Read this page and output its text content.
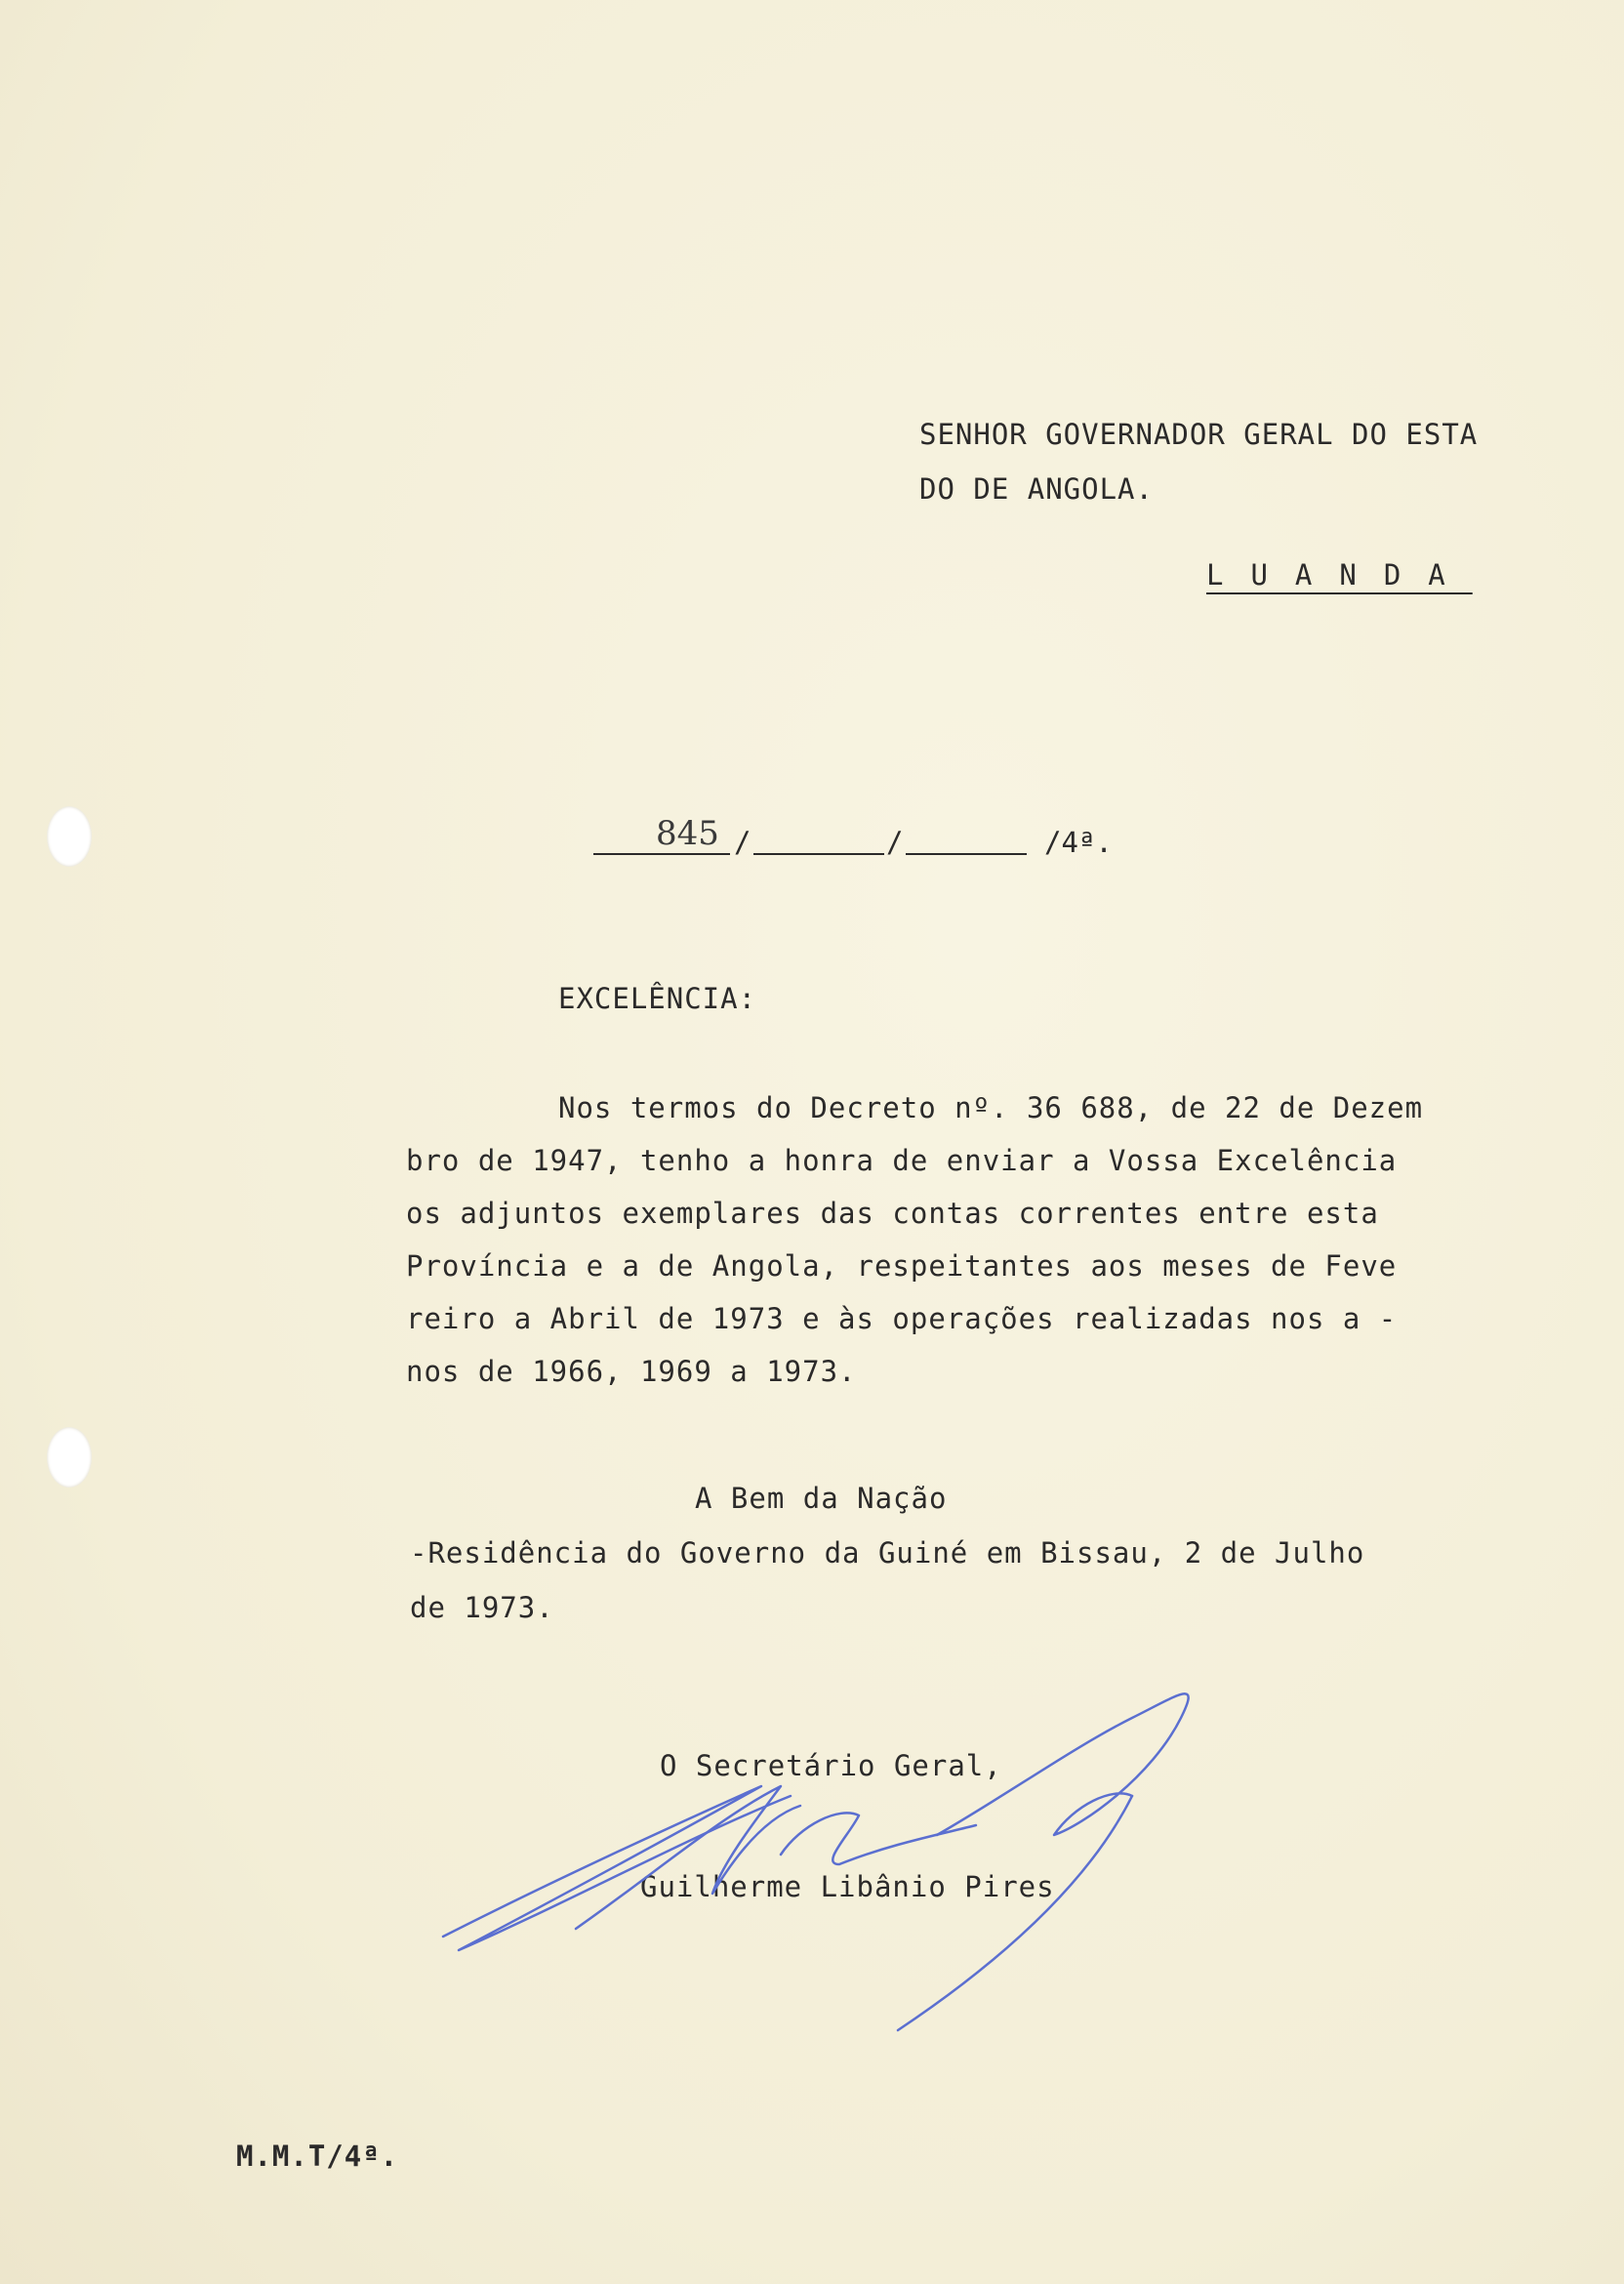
SENHOR GOVERNADOR GERAL DO ESTA
DO DE ANGOLA.
LUANDA
845 /	/	/4ª.
EXCELÊNCIA:
Nos termos do Decreto nº. 36 688, de 22 de Dezem
bro de 1947, tenho a honra de enviar a Vossa Excelência
os adjuntos exemplares das contas correntes entre esta
Província e a de Angola, respeitantes aos meses de Feve
reiro a Abril de 1973 e às operações realizadas nos a -
nos de 1966, 1969 a 1973.
A Bem da Nação
-Residência do Governo da Guiné em Bissau, 2 de Julho
de 1973.
O Secretário Geral,
Guilherme Libânio Pires
M.M.T/4ª.
